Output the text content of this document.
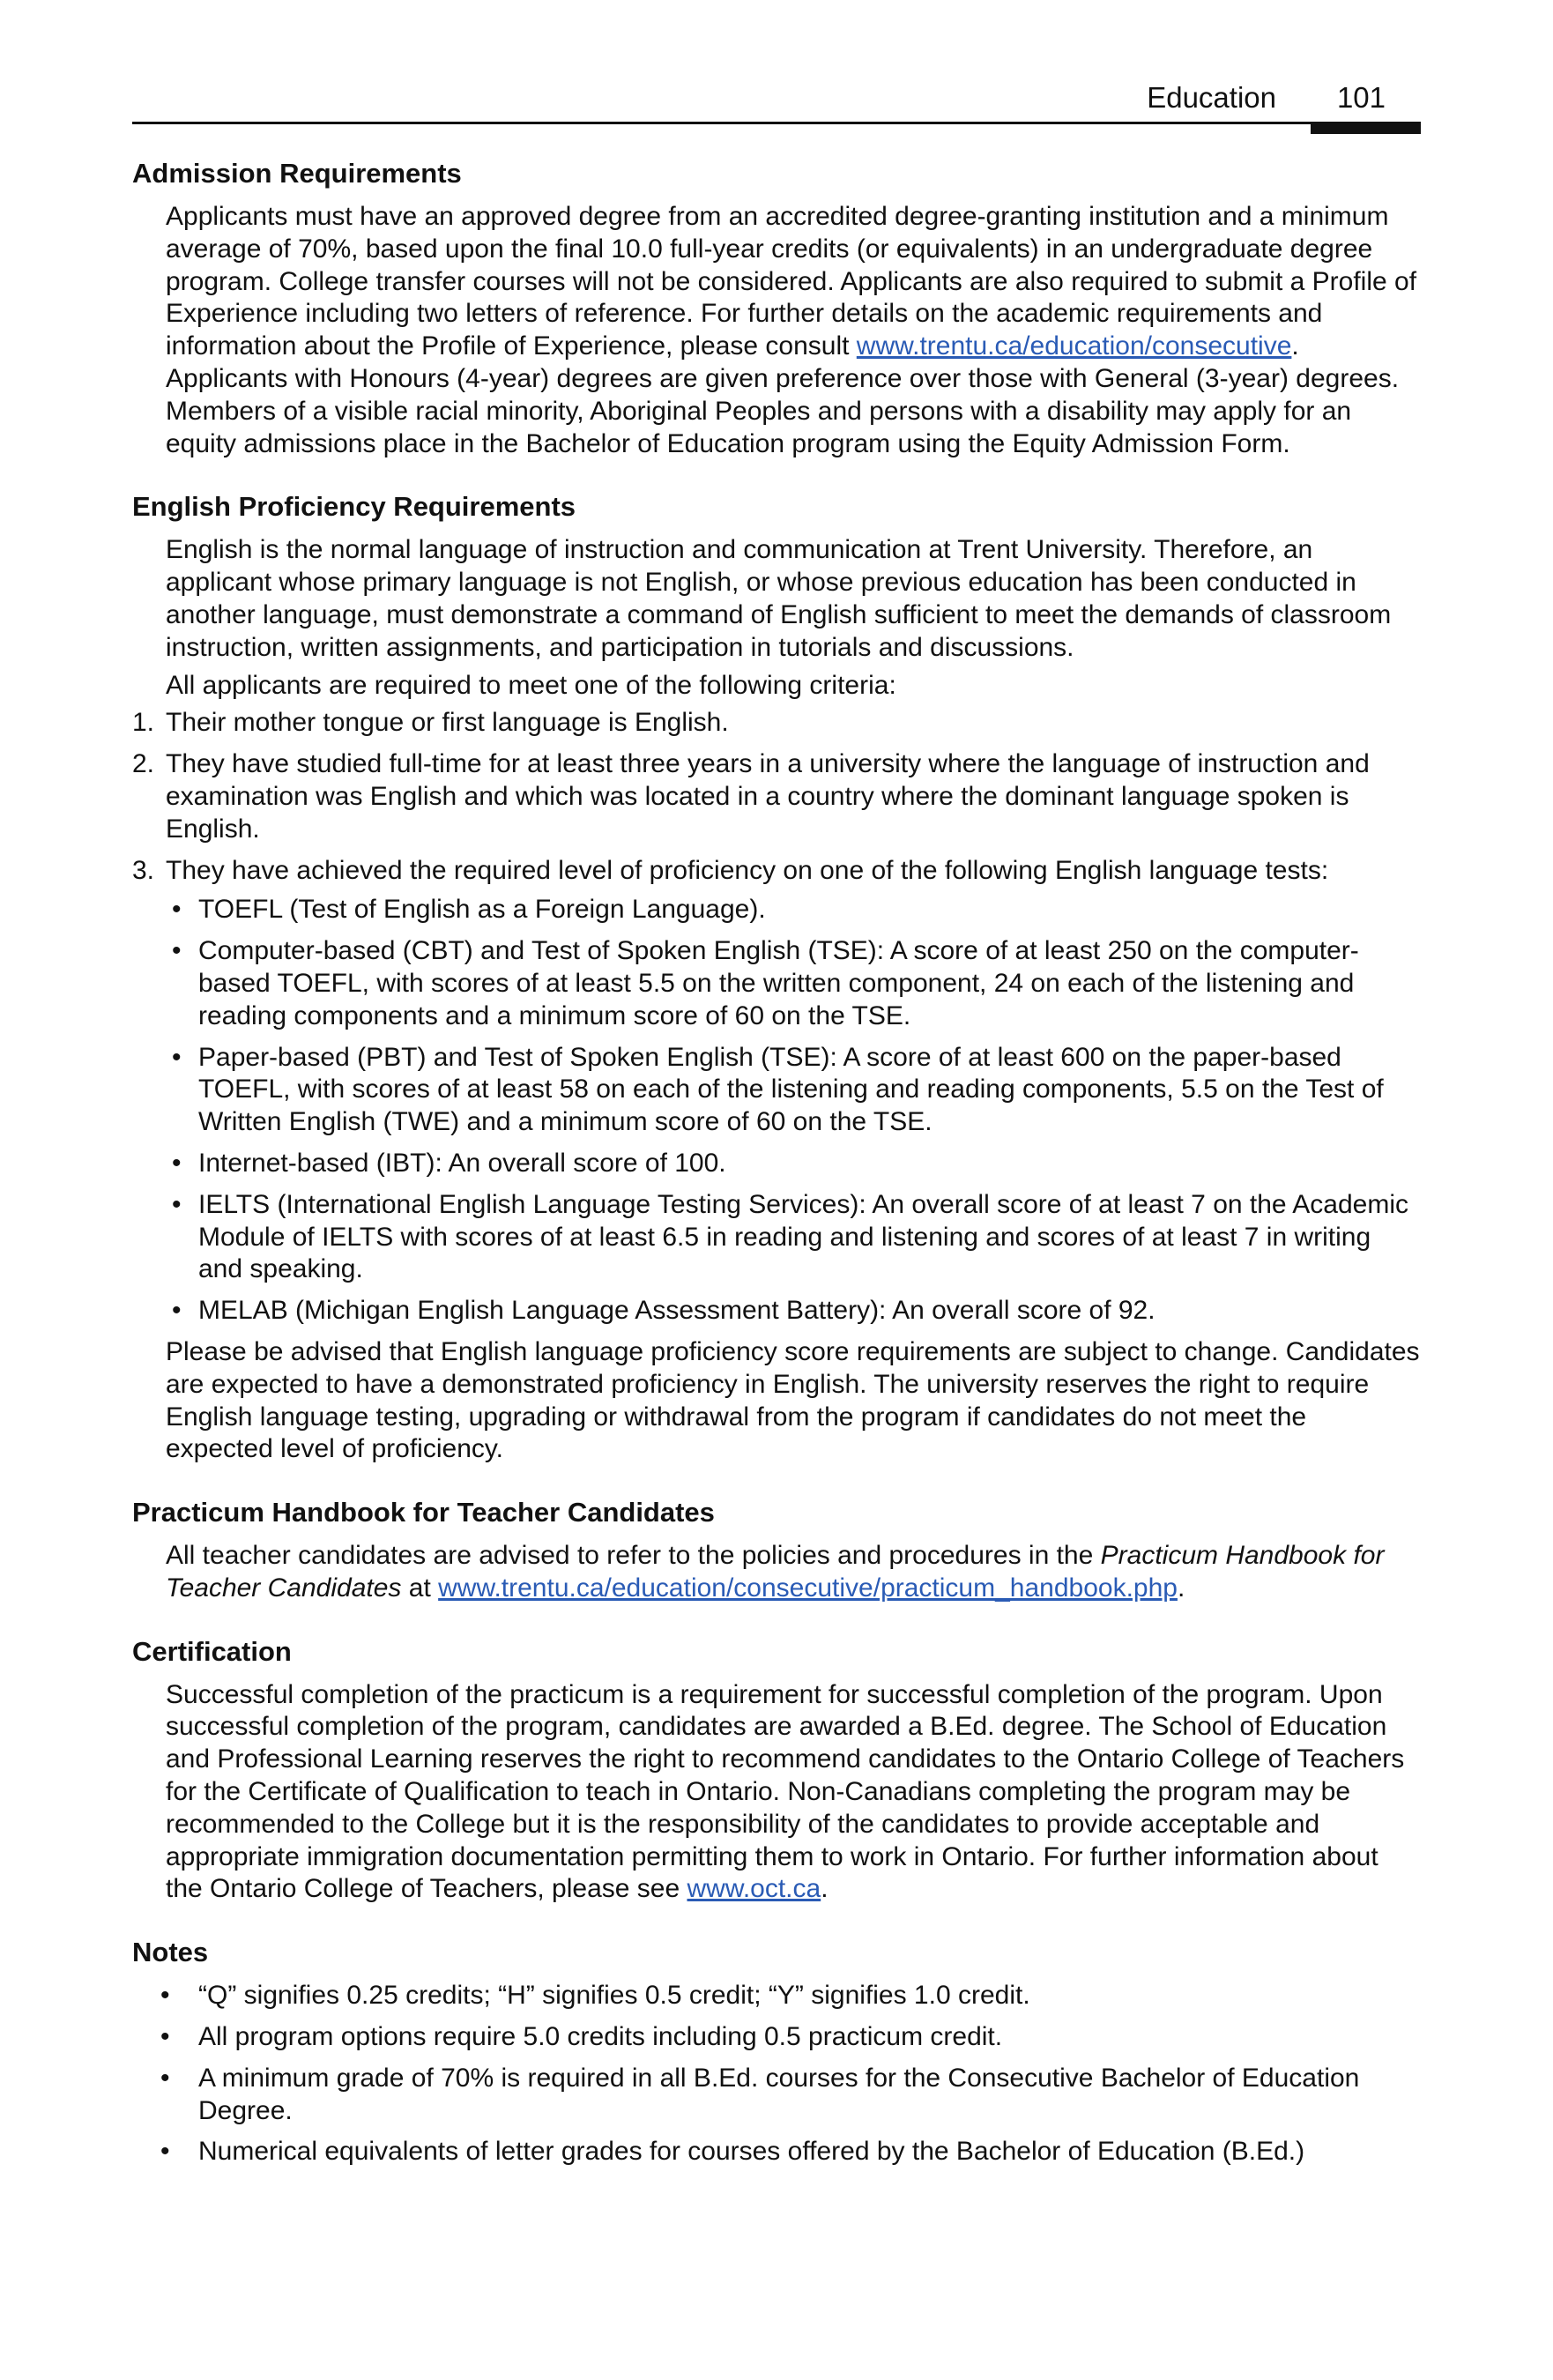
Education 101
Admission Requirements

Applicants must have an approved degree from an accredited degree-granting institution and a minimum average of 70%, based upon the final 10.0 full-year credits (or equivalents) in an undergraduate degree program. College transfer courses will not be considered. Applicants are also required to submit a Profile of Experience including two letters of reference. For further details on the academic requirements and information about the Profile of Experience, please consult www.trentu.ca/education/consecutive. Applicants with Honours (4-year) degrees are given preference over those with General (3-year) degrees. Members of a visible racial minority, Aboriginal Peoples and persons with a disability may apply for an equity admissions place in the Bachelor of Education program using the Equity Admission Form.

English Proficiency Requirements

English is the normal language of instruction and communication at Trent University. Therefore, an applicant whose primary language is not English, or whose previous education has been conducted in another language, must demonstrate a command of English sufficient to meet the demands of classroom instruction, written assignments, and participation in tutorials and discussions.

All applicants are required to meet one of the following criteria:

1. Their mother tongue or first language is English.
2. They have studied full-time for at least three years in a university where the language of instruction and examination was English and which was located in a country where the dominant language spoken is English.
3. They have achieved the required level of proficiency on one of the following English language tests:
• TOEFL (Test of English as a Foreign Language).
• Computer-based (CBT) and Test of Spoken English (TSE): A score of at least 250 on the computer-based TOEFL, with scores of at least 5.5 on the written component, 24 on each of the listening and reading components and a minimum score of 60 on the TSE.
• Paper-based (PBT) and Test of Spoken English (TSE): A score of at least 600 on the paper-based TOEFL, with scores of at least 58 on each of the listening and reading components, 5.5 on the Test of Written English (TWE) and a minimum score of 60 on the TSE.
• Internet-based (IBT): An overall score of 100.
• IELTS (International English Language Testing Services): An overall score of at least 7 on the Academic Module of IELTS with scores of at least 6.5 in reading and listening and scores of at least 7 in writing and speaking.
• MELAB (Michigan English Language Assessment Battery): An overall score of 92.

Please be advised that English language proficiency score requirements are subject to change. Candidates are expected to have a demonstrated proficiency in English. The university reserves the right to require English language testing, upgrading or withdrawal from the program if candidates do not meet the expected level of proficiency.

Practicum Handbook for Teacher Candidates

All teacher candidates are advised to refer to the policies and procedures in the Practicum Handbook for Teacher Candidates at www.trentu.ca/education/consecutive/practicum_handbook.php.

Certification

Successful completion of the practicum is a requirement for successful completion of the program. Upon successful completion of the program, candidates are awarded a B.Ed. degree. The School of Education and Professional Learning reserves the right to recommend candidates to the Ontario College of Teachers for the Certificate of Qualification to teach in Ontario. Non-Canadians completing the program may be recommended to the College but it is the responsibility of the candidates to provide acceptable and appropriate immigration documentation permitting them to work in Ontario. For further information about the Ontario College of Teachers, please see www.oct.ca.

Notes
• “Q” signifies 0.25 credits; “H” signifies 0.5 credit; “Y” signifies 1.0 credit.
• All program options require 5.0 credits including 0.5 practicum credit.
• A minimum grade of 70% is required in all B.Ed. courses for the Consecutive Bachelor of Education Degree.
• Numerical equivalents of letter grades for courses offered by the Bachelor of Education (B.Ed.)
